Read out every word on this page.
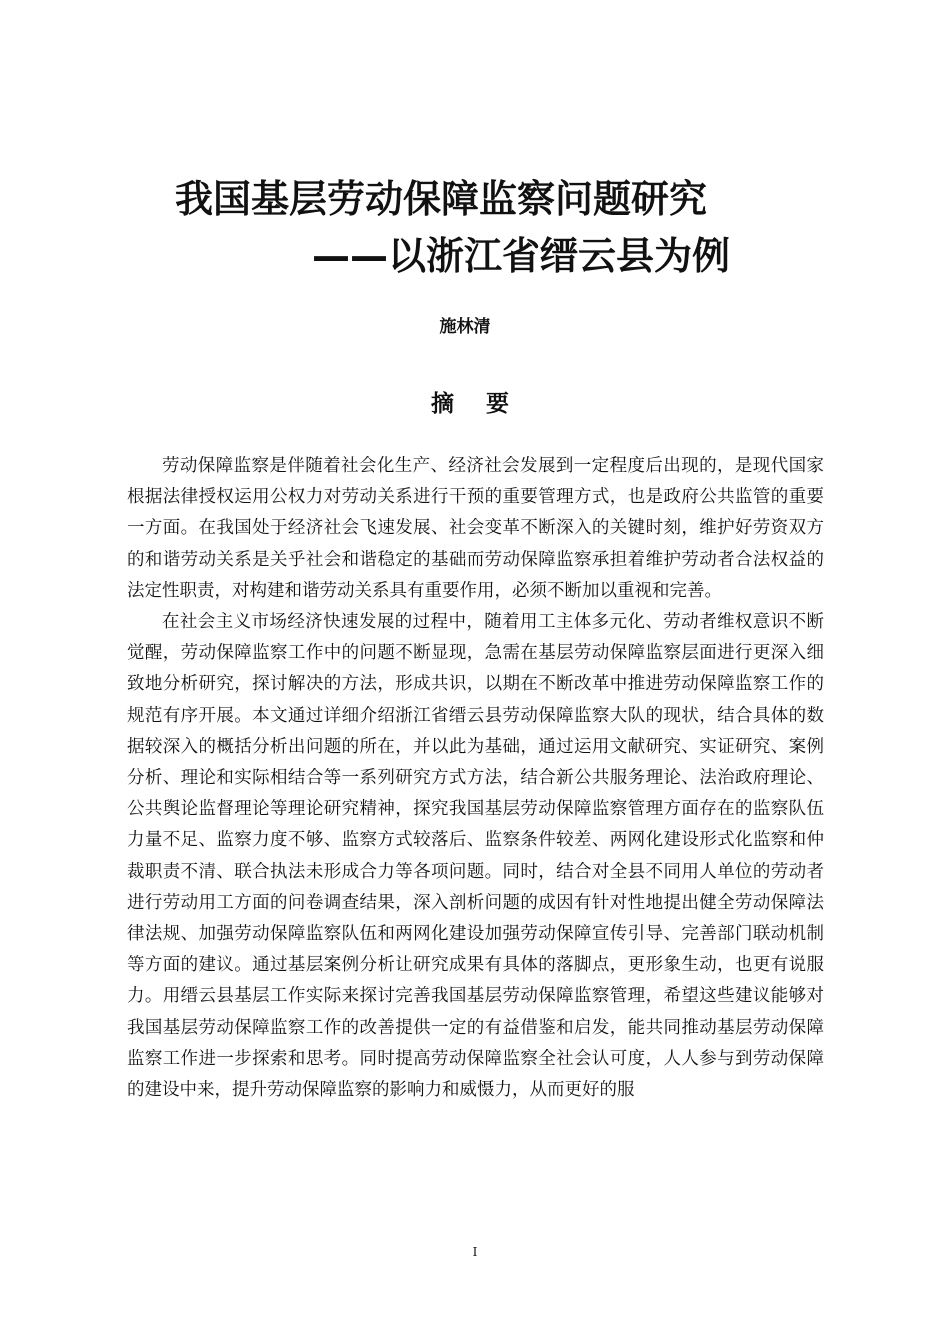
我国基层劳动保障监察问题研究
——以浙江省缙云县为例
施林清
摘 要

劳动保障监察是伴随着社会化生产、经济社会发展到一定程度后出现的，是现代国家根据法律授权运用公权力对劳动关系进行干预的重要管理方式，也是政府公共监管的重要一方面。在我国处于经济社会飞速发展、社会变革不断深入的关键时刻，维护好劳资双方的和谐劳动关系是关乎社会和谐稳定的基础而劳动保障监察承担着维护劳动者合法权益的法定性职责，对构建和谐劳动关系具有重要作用，必须不断加以重视和完善。

在社会主义市场经济快速发展的过程中，随着用工主体多元化、劳动者维权意识不断觉醒，劳动保障监察工作中的问题不断显现，急需在基层劳动保障监察层面进行更深入细致地分析研究，探讨解决的方法，形成共识，以期在不断改革中推进劳动保障监察工作的规范有序开展。本文通过详细介绍浙江省缙云县劳动保障监察大队的现状，结合具体的数据较深入的概括分析出问题的所在，并以此为基础，通过运用文献研究、实证研究、案例分析、理论和实际相结合等一系列研究方式方法，结合新公共服务理论、法治政府理论、公共舆论监督理论等理论研究精神，探究我国基层劳动保障监察管理方面存在的监察队伍力量不足、监察力度不够、监察方式较落后、监察条件较差、两网化建设形式化监察和仲裁职责不清、联合执法未形成合力等各项问题。同时，结合对全县不同用人单位的劳动者进行劳动用工方面的问卷调查结果，深入剖析问题的成因有针对性地提出健全劳动保障法律法规、加强劳动保障监察队伍和两网化建设加强劳动保障宣传引导、完善部门联动机制等方面的建议。通过基层案例分析让研究成果有具体的落脚点，更形象生动，也更有说服力。用缙云县基层工作实际来探讨完善我国基层劳动保障监察管理，希望这些建议能够对我国基层劳动保障监察工作的改善提供一定的有益借鉴和启发，能共同推动基层劳动保障监察工作进一步探索和思考。同时提高劳动保障监察全社会认可度，人人参与到劳动保障的建设中来，提升劳动保障监察的影响力和威慑力，从而更好的服

I
